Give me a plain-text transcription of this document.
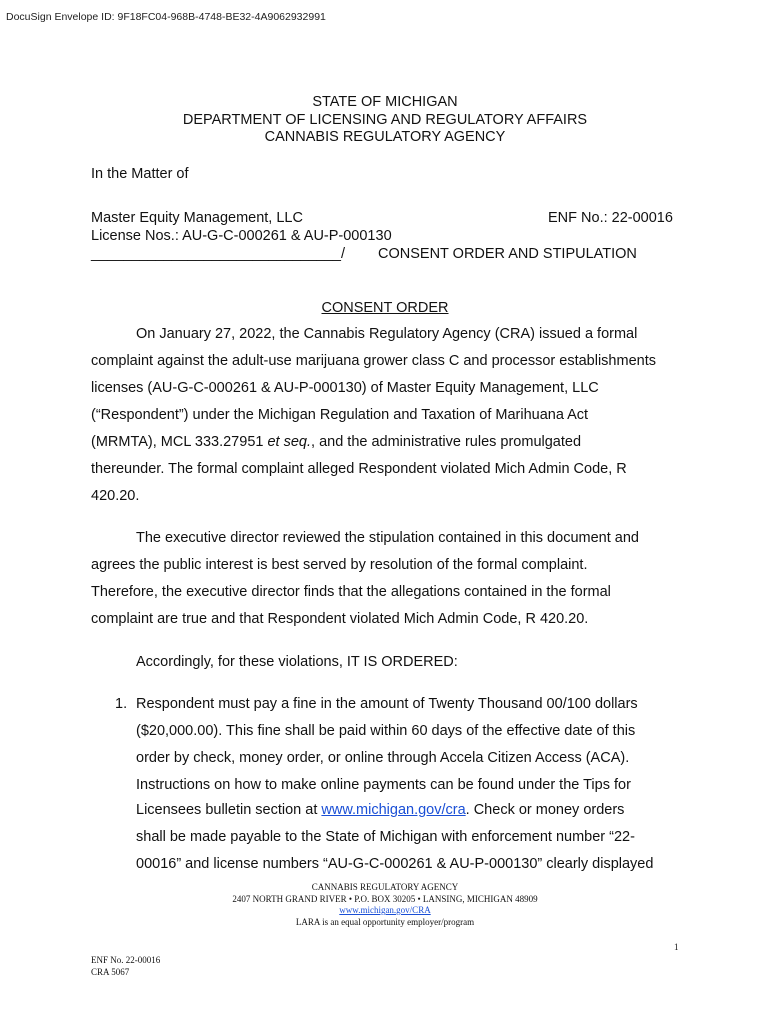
DocuSign Envelope ID: 9F18FC04-968B-4748-BE32-4A9062932991
STATE OF MICHIGAN
DEPARTMENT OF LICENSING AND REGULATORY AFFAIRS
CANNABIS REGULATORY AGENCY
In the Matter of
Master Equity Management, LLC	ENF No.: 22-00016
License Nos.: AU-G-C-000261 & AU-P-000130
_______________________________/ CONSENT ORDER AND STIPULATION
CONSENT ORDER
On January 27, 2022, the Cannabis Regulatory Agency (CRA) issued a formal
complaint against the adult-use marijuana grower class C and processor establishments
licenses (AU-G-C-000261 & AU-P-000130) of Master Equity Management, LLC
(“Respondent”) under the Michigan Regulation and Taxation of Marihuana Act
(MRMTA), MCL 333.27951 et seq., and the administrative rules promulgated
thereunder. The formal complaint alleged Respondent violated Mich Admin Code, R
420.20.
The executive director reviewed the stipulation contained in this document and
agrees the public interest is best served by resolution of the formal complaint.
Therefore, the executive director finds that the allegations contained in the formal
complaint are true and that Respondent violated Mich Admin Code, R 420.20.
Accordingly, for these violations, IT IS ORDERED:
1. Respondent must pay a fine in the amount of Twenty Thousand 00/100 dollars
($20,000.00). This fine shall be paid within 60 days of the effective date of this
order by check, money order, or online through Accela Citizen Access (ACA).
Instructions on how to make online payments can be found under the Tips for
Licensees bulletin section at www.michigan.gov/cra. Check or money orders
shall be made payable to the State of Michigan with enforcement number “22-
00016” and license numbers “AU-G-C-000261 & AU-P-000130” clearly displayed
CANNABIS REGULATORY AGENCY
2407 NORTH GRAND RIVER • P.O. BOX 30205 • LANSING, MICHIGAN 48909
www.michigan.gov/CRA
LARA is an equal opportunity employer/program
1
ENF No. 22-00016
CRA 5067
